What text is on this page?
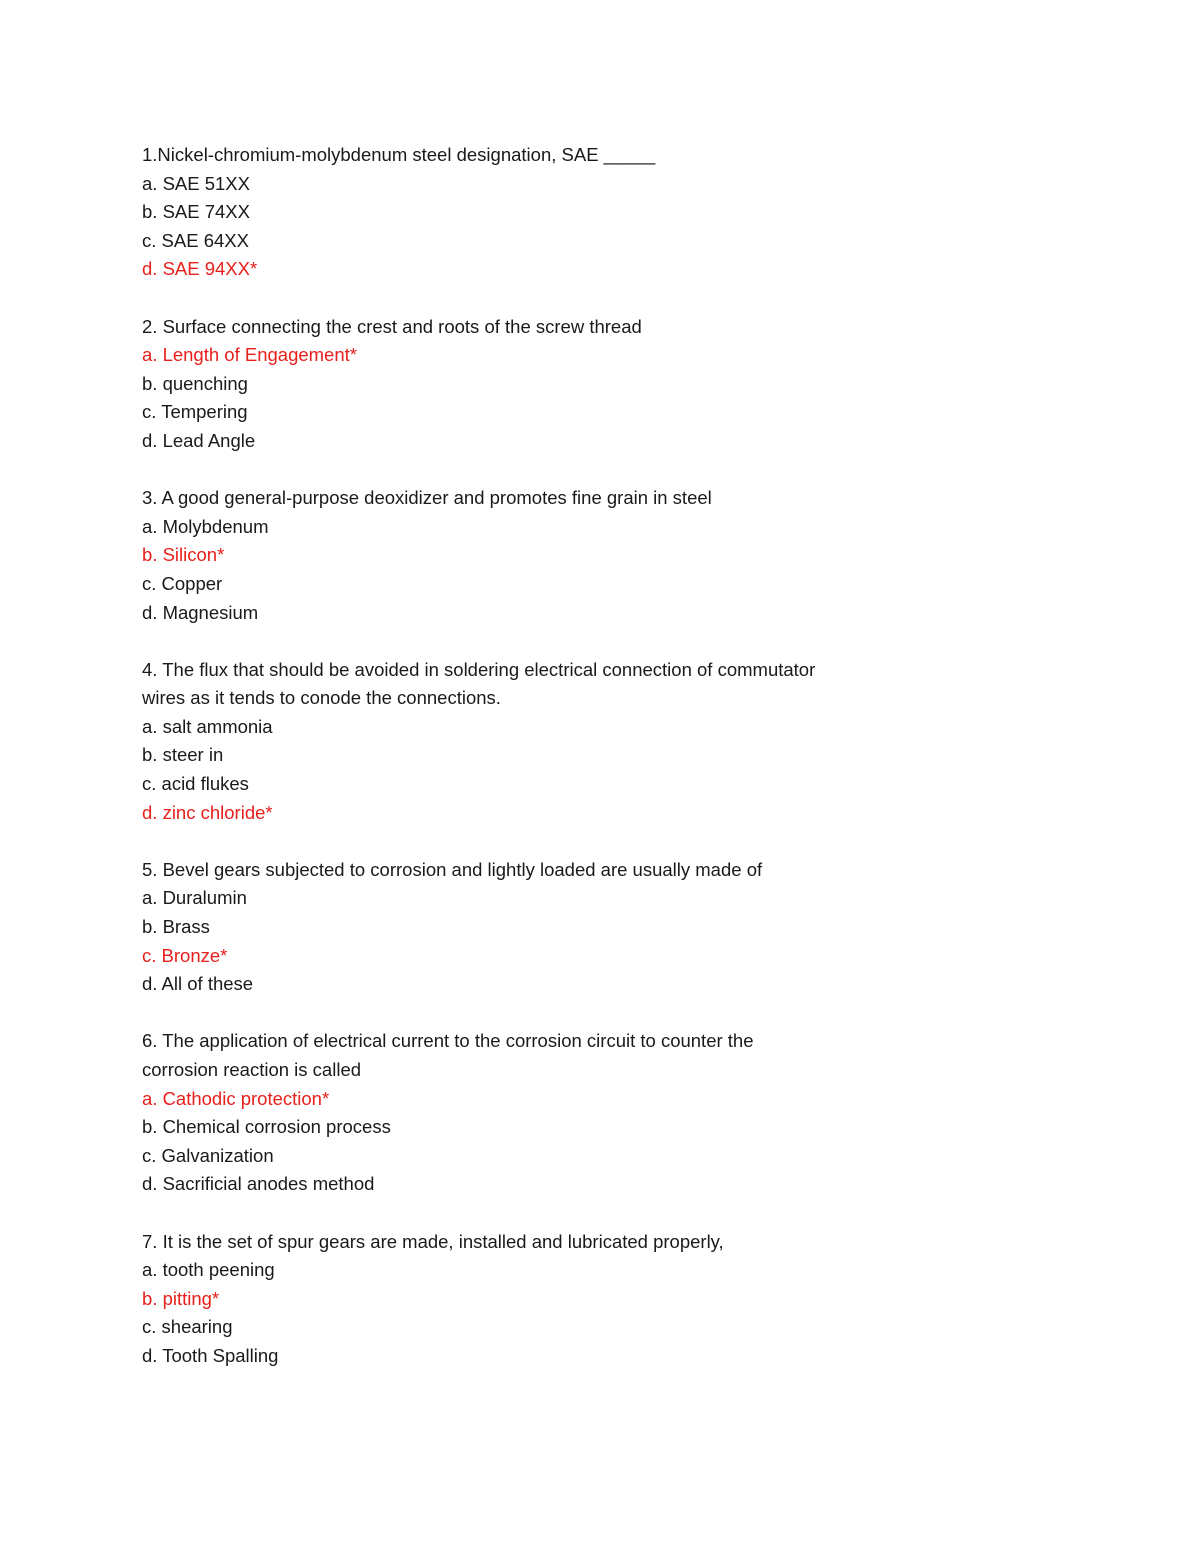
1.Nickel-chromium-molybdenum steel designation, SAE _____
a. SAE 51XX
b. SAE 74XX
c. SAE 64XX
d. SAE 94XX*
2. Surface connecting the crest and roots of the screw thread
a. Length of Engagement*
b. quenching
c. Tempering
d. Lead Angle
3. A good general-purpose deoxidizer and promotes fine grain in steel
a. Molybdenum
b. Silicon*
c. Copper
d. Magnesium
4. The flux that should be avoided in soldering electrical connection of commutator
wires as it tends to conode the connections.
a. salt ammonia
b. steer in
c. acid flukes
d. zinc chloride*
5. Bevel gears subjected to corrosion and lightly loaded are usually made of
a. Duralumin
b. Brass
c. Bronze*
d. All of these
6. The application of electrical current to the corrosion circuit to counter the
corrosion reaction is called
a. Cathodic protection*
b. Chemical corrosion process
c. Galvanization
d. Sacrificial anodes method
7. It is the set of spur gears are made, installed and lubricated properly,
a. tooth peening
b. pitting*
c. shearing
d. Tooth Spalling
